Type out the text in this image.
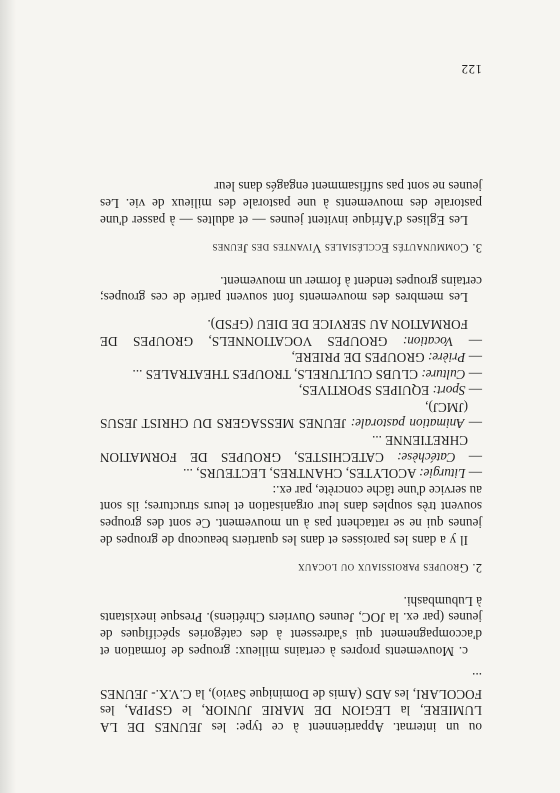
ou un internat. Appartiennent à ce type: les JEUNES DE LA LUMIERE, la LEGION DE MARIE JUNIOR, le GSPIPA, les FOCOLARI, les ADS (Amis de Dominique Savio), la C.V.X.- JEUNES ...

c. Mouvements propres à certains milieux: groupes de formation et d'accompagnement qui s'adressent à des catégories spécifiques de jeunes (par ex. la JOC, Jeunes Ouvriers Chrétiens). Presque inexistants à Lubumbashi.

2. Groupes paroissiaux ou locaux

Il y a dans les paroisses et dans les quartiers beaucoup de groupes de jeunes qui ne se rattachent pas à un mouvement. Ce sont des groupes souvent très souples dans leur organisation et leurs structures; ils sont au service d'une tâche concrète, par ex.:

— Liturgie: ACOLYTES, CHANTRES, LECTEURS, ...

— Catéchèse: CATECHISTES, GROUPES DE FORMATION CHRETIENNE ...

— Animation pastorale: JEUNES MESSAGERS DU CHRIST JESUS (JMCJ),

— Sport: EQUIPES SPORTIVES,

— Culture: CLUBS CULTURELS, TROUPES THEATRALES ...

— Prière: GROUPES DE PRIERE,

— Vocation: GROUPES VOCATIONNELS, GROUPES DE FORMATION AU SERVICE DE DIEU (GFSD).

Les membres des mouvements font souvent partie de ces groupes; certains groupes tendent à former un mouvement.

3. Communautés Ecclésiales Vivantes des Jeunes

Les Eglises d'Afrique invitent jeunes — et adultes — à passer d'une pastorale des mouvements à une pastorale des milieux de vie. Les jeunes ne sont pas suffisamment engagés dans leur

122
